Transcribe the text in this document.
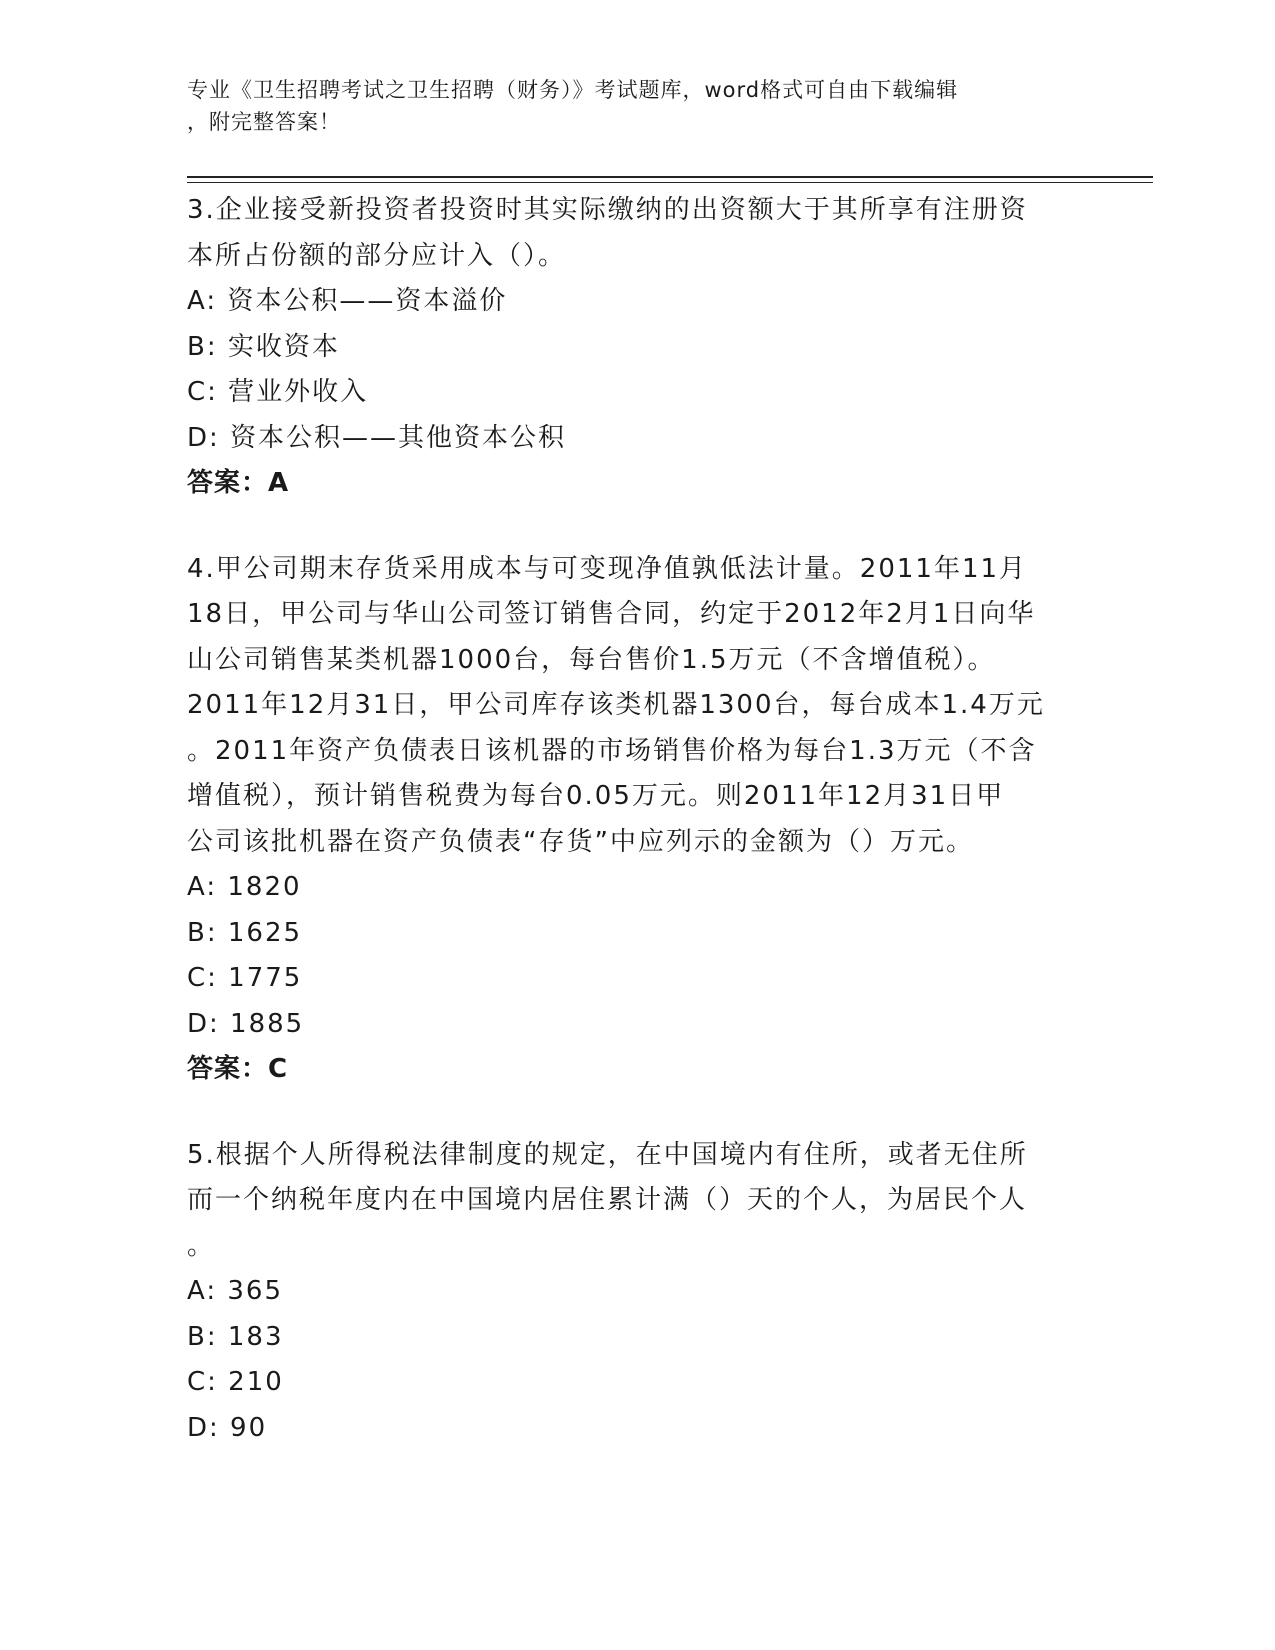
专业《卫生招聘考试之卫生招聘（财务）》考试题库，word格式可自由下载编辑
，附完整答案！
3.企业接受新投资者投资时其实际缴纳的出资额大于其所享有注册资
本所占份额的部分应计入（）。
A: 资本公积——资本溢价
B: 实收资本
C: 营业外收入
D: 资本公积——其他资本公积
答案：A
4.甲公司期末存货采用成本与可变现净值孰低法计量。2011年11月
18日，甲公司与华山公司签订销售合同，约定于2012年2月1日向华
山公司销售某类机器1000台，每台售价1.5万元（不含增值税）。
2011年12月31日，甲公司库存该类机器1300台，每台成本1.4万元
。2011年资产负债表日该机器的市场销售价格为每台1.3万元（不含
增值税），预计销售税费为每台0.05万元。则2011年12月31日甲
公司该批机器在资产负债表“存货”中应列示的金额为（）万元。
A: 1820
B: 1625
C: 1775
D: 1885
答案：C
5.根据个人所得税法律制度的规定，在中国境内有住所，或者无住所
而一个纳税年度内在中国境内居住累计满（）天的个人，为居民个人
。
A: 365
B: 183
C: 210
D: 90
